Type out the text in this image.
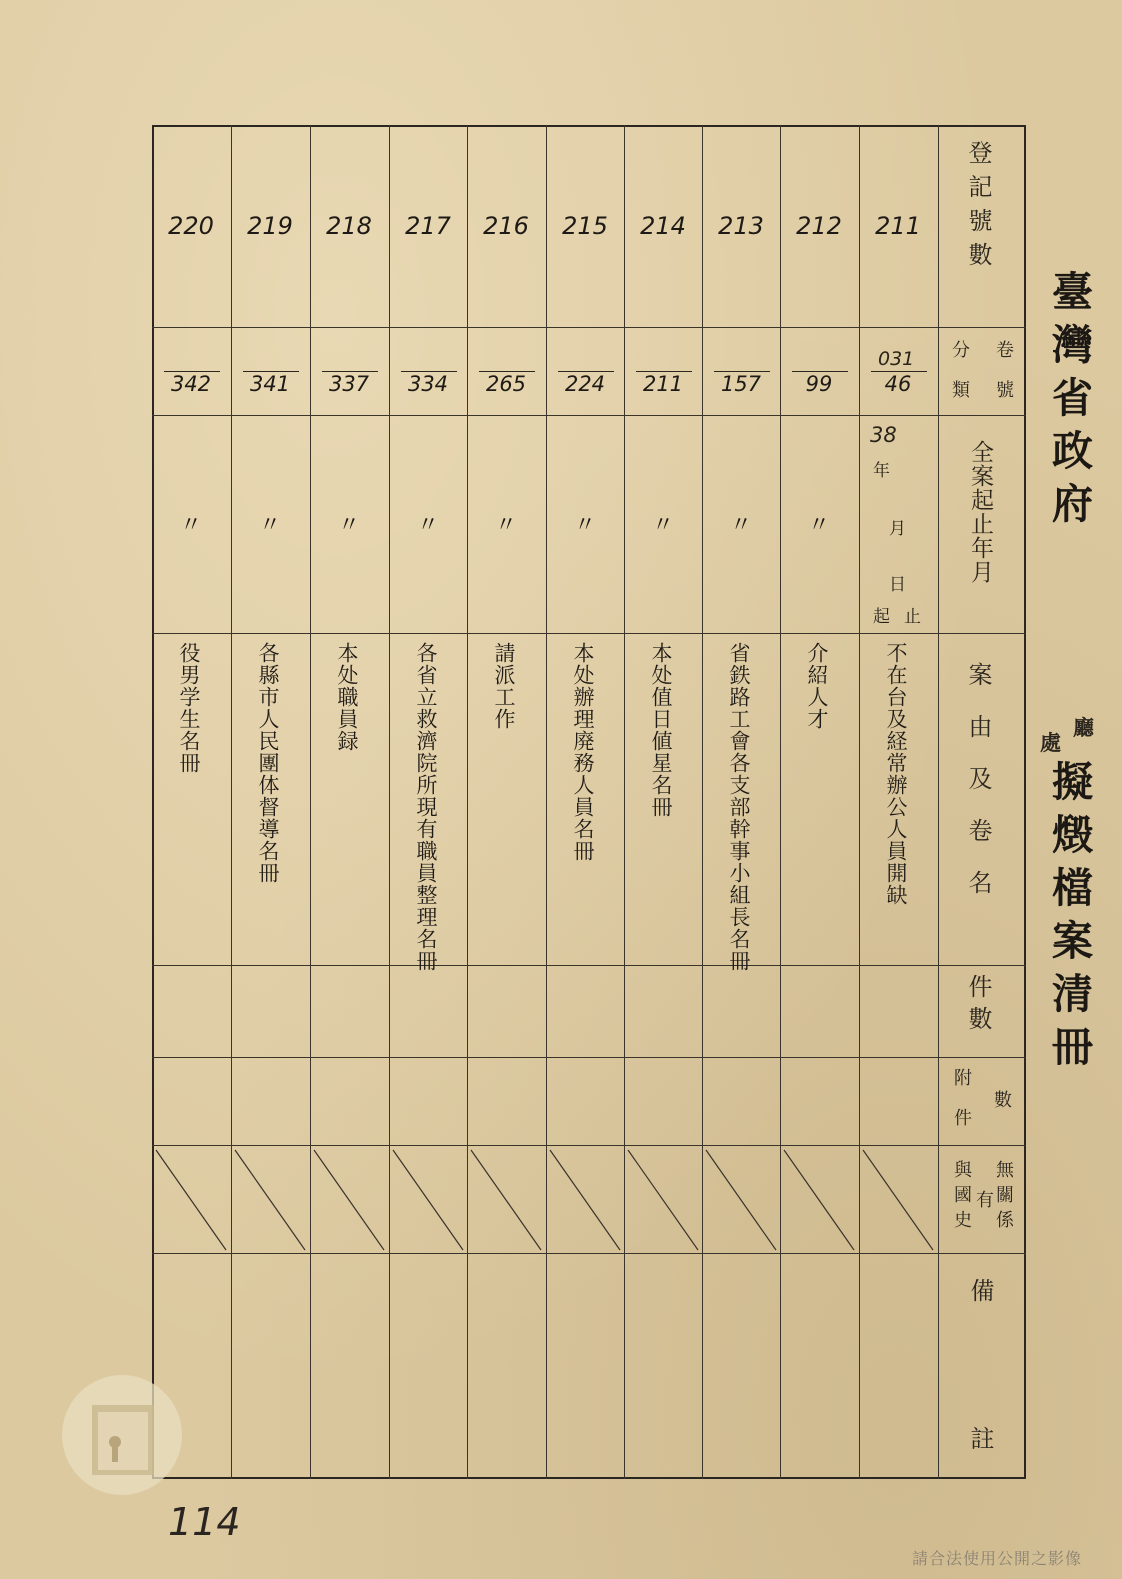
登記號數
卷
分
號
類
全案起止年月
案由及卷名
件數
附
件
數
無關係
有
與國史
備
註
38
年
月
日
起 止
031
211
46
不在台及経常辦公人員開缺
212
99
〃
介紹人才
213
157
〃
省鉄路工會各支部幹事小組長名冊
214
211
〃
本处值日値星名冊
215
224
〃
本处辦理廃務人員名冊
216
265
〃
請派工作
217
334
〃
各省立救濟院所現有職員整理名冊
218
337
〃
本处職員録
219
341
〃
各縣市人民團体督導名冊
220
342
〃
役男学生名冊
臺灣省政府
廳
處
擬燬檔案清冊
114
請合法使用公開之影像
